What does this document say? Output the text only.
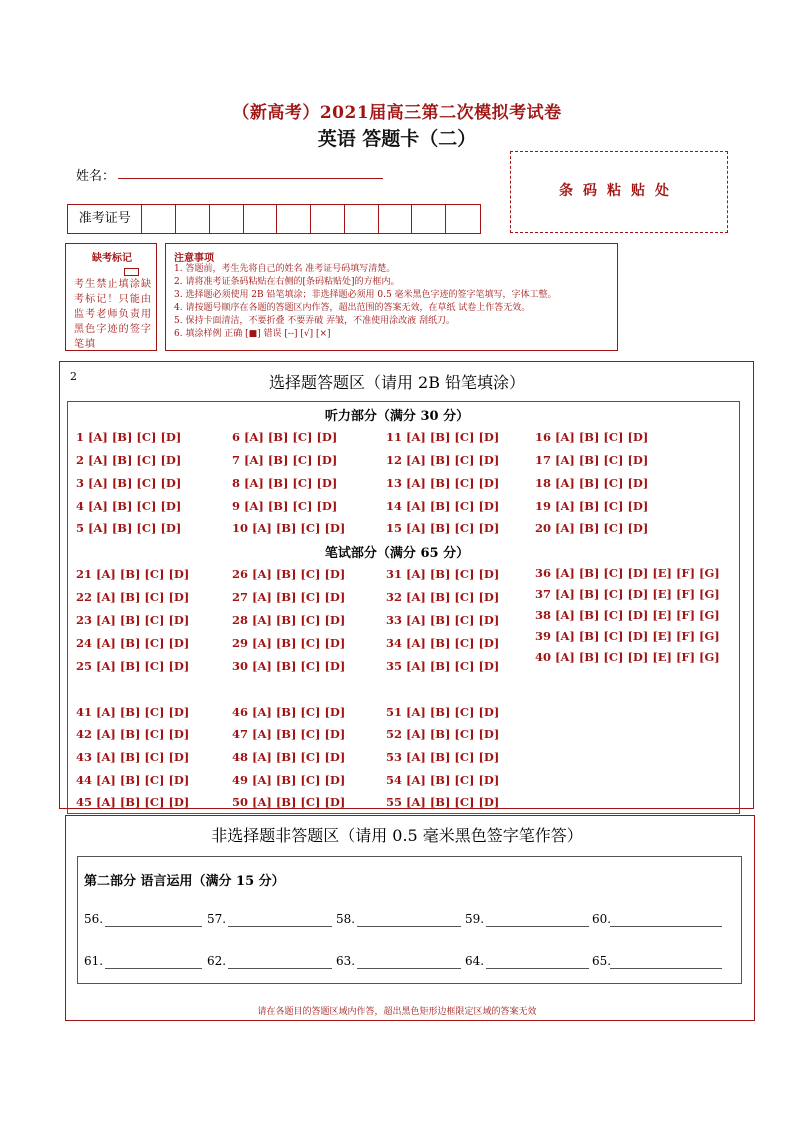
（新高考）2021届高三第二次模拟考试卷
英语 答题卡（二）
姓名：
条码粘贴处
准考证号
缺考标记
考生禁止填涂缺考标记！只能由监考老师负责用黑色字迹的签字笔填
注意事项
1. 答题前，考生先将自己的姓名 准考证号码填写清楚。
2. 请将准考证条码粘贴在右侧的[条码粘贴处]的方框内。
3. 选择题必须使用 2B 铅笔填涂；非选择题必须用 0.5 毫米黑色字迹的签字笔填写，字体工整。
4. 请按题号顺序在各题的答题区内作答，超出范围的答案无效，在草纸 试卷上作答无效。
5. 保持卡面清洁，不要折叠 不要弄破 弄皱，不准使用涂改液 刮纸刀。
6. 填涂样例 正确 [■] 错误 [--] [√] [×]
2	选择题答题区（请用 2B 铅笔填涂）
听力部分（满分 30 分）
笔试部分（满分 65 分）
1 [A] [B] [C] [D]
2 [A] [B] [C] [D]
3 [A] [B] [C] [D]
4 [A] [B] [C] [D]
5 [A] [B] [C] [D]
6 [A] [B] [C] [D]
7 [A] [B] [C] [D]
8 [A] [B] [C] [D]
9 [A] [B] [C] [D]
10 [A] [B] [C] [D]
11 [A] [B] [C] [D]
12 [A] [B] [C] [D]
13 [A] [B] [C] [D]
14 [A] [B] [C] [D]
15 [A] [B] [C] [D]
16 [A] [B] [C] [D]
17 [A] [B] [C] [D]
18 [A] [B] [C] [D]
19 [A] [B] [C] [D]
20 [A] [B] [C] [D]
21 [A] [B] [C] [D]
22 [A] [B] [C] [D]
23 [A] [B] [C] [D]
24 [A] [B] [C] [D]
25 [A] [B] [C] [D]
26 [A] [B] [C] [D]
27 [A] [B] [C] [D]
28 [A] [B] [C] [D]
29 [A] [B] [C] [D]
30 [A] [B] [C] [D]
31 [A] [B] [C] [D]
32 [A] [B] [C] [D]
33 [A] [B] [C] [D]
34 [A] [B] [C] [D]
35 [A] [B] [C] [D]
36 [A] [B] [C] [D] [E] [F] [G]
37 [A] [B] [C] [D] [E] [F] [G]
38 [A] [B] [C] [D] [E] [F] [G]
39 [A] [B] [C] [D] [E] [F] [G]
40 [A] [B] [C] [D] [E] [F] [G]
41 [A] [B] [C] [D]
42 [A] [B] [C] [D]
43 [A] [B] [C] [D]
44 [A] [B] [C] [D]
45 [A] [B] [C] [D]
46 [A] [B] [C] [D]
47 [A] [B] [C] [D]
48 [A] [B] [C] [D]
49 [A] [B] [C] [D]
50 [A] [B] [C] [D]
51 [A] [B] [C] [D]
52 [A] [B] [C] [D]
53 [A] [B] [C] [D]
54 [A] [B] [C] [D]
55 [A] [B] [C] [D]
非选择题非答题区（请用 0.5 毫米黑色签字笔作答）
第二部分 语言运用（满分 15 分）
56.	57.	58.	59.	60.
61.	62.	63.	64.	65.
请在各题目的答题区域内作答，超出黑色矩形边框限定区域的答案无效
